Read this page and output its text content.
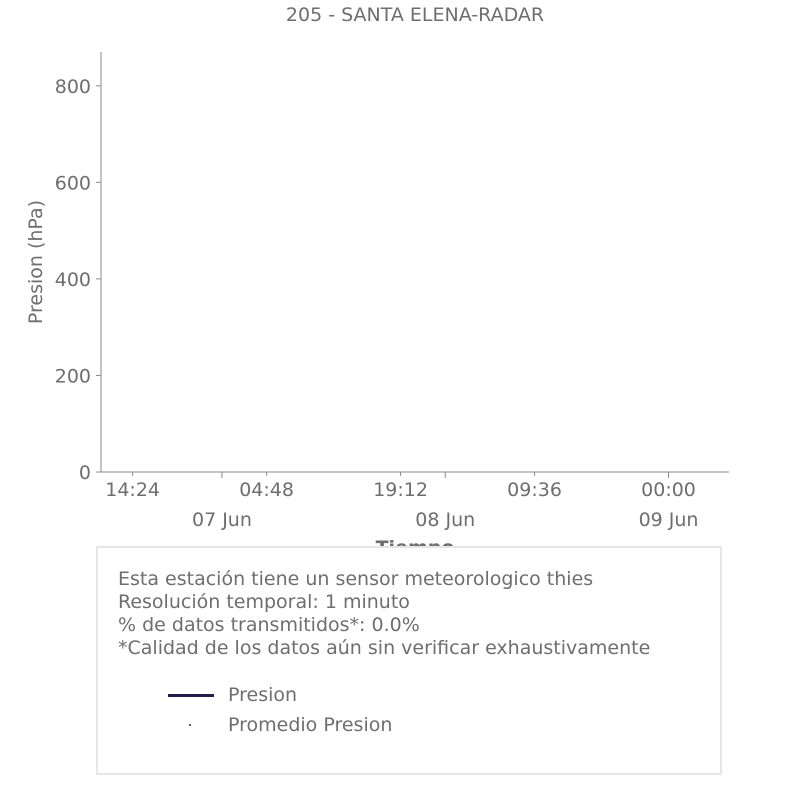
205 - SANTA ELENA-RADAR
Presion (hPa)
0
200
400
600
800
14:24	04:48	19:12	09:36	00:00
07 Jun	08 Jun	09 Jun
Esta estación tiene un sensor meteorologico thies
Resolución temporal: 1 minuto
% de datos transmitidos*: 0.0%
*Calidad de los datos aún sin verificar exhaustivamente
Presion
Promedio Presion
